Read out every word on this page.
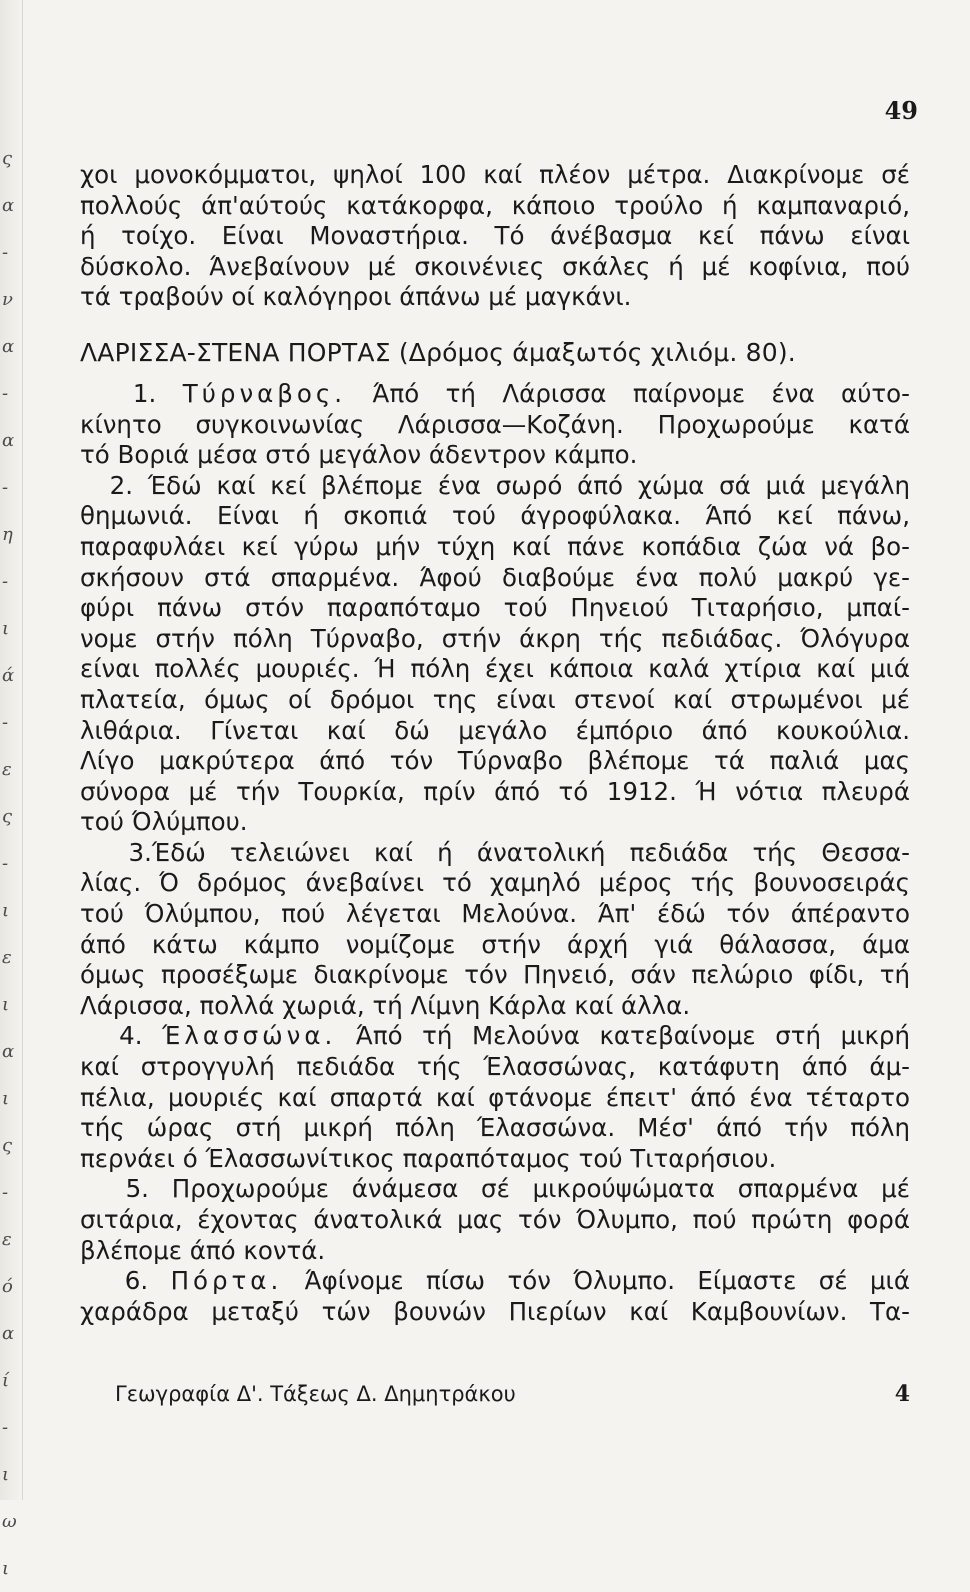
ς
α
-
ν
α
-
α
-
η
-
ι
ά
-
ε
ς
-
ι
ε
ι
α
ι
ς
-
ε
ό
α
ί
-
ι
ω
ι
49
χοι μονοκόμματοι, ψηλοί 100 καί πλέον μέτρα. Διακρίνομε σέ
πολλούς άπ'αύτούς κατάκορφα, κάποιο τρούλο ή καμπαναριό,
ή τοίχο. Είναι Μοναστήρια. Τό άνέβασμα κεί πάνω είναι
δύσκολο. Άνεβαίνουν μέ σκοινένιες σκάλες ή μέ κοφίνια, πού
τά τραβούν οί καλόγηροι άπάνω μέ μαγκάνι.
ΛΑΡΙΣΣΑ-ΣΤΕΝΑ ΠΟΡΤΑΣ (Δρόμος άμαξωτός χιλιόμ. 80).
1. Τύρναβος. Άπό τή Λάρισσα παίρνομε ένα αύτο-
κίνητο συγκοινωνίας Λάρισσα—Κοζάνη. Προχωρούμε κατά
τό Βοριά μέσα στό μεγάλον άδεντρον κάμπο.
2. Έδώ καί κεί βλέπομε ένα σωρό άπό χώμα σά μιά μεγάλη
θημωνιά. Είναι ή σκοπιά τού άγροφύλακα. Άπό κεί πάνω,
παραφυλάει κεί γύρω μήν τύχη καί πάνε κοπάδια ζώα νά βο-
σκήσουν στά σπαρμένα. Άφού διαβούμε ένα πολύ μακρύ γε-
φύρι πάνω στόν παραπόταμο τού Πηνειού Τιταρήσιο, μπαί-
νομε στήν πόλη Τύρναβο, στήν άκρη τής πεδιάδας. Όλόγυρα
είναι πολλές μουριές. Ή πόλη έχει κάποια καλά χτίρια καί μιά
πλατεία, όμως οί δρόμοι της είναι στενοί καί στρωμένοι μέ
λιθάρια. Γίνεται καί δώ μεγάλο έμπόριο άπό κουκούλια.
Λίγο μακρύτερα άπό τόν Τύρναβο βλέπομε τά παλιά μας
σύνορα μέ τήν Τουρκία, πρίν άπό τό 1912. Ή νότια πλευρά
τού Όλύμπου.
3.Έδώ τελειώνει καί ή άνατολική πεδιάδα τής Θεσσα-
λίας. Ό δρόμος άνεβαίνει τό χαμηλό μέρος τής βουνοσειράς
τού Όλύμπου, πού λέγεται Μελούνα. Άπ' έδώ τόν άπέραντο
άπό κάτω κάμπο νομίζομε στήν άρχή γιά θάλασσα, άμα
όμως προσέξωμε διακρίνομε τόν Πηνειό, σάν πελώριο φίδι, τή
Λάρισσα, πολλά χωριά, τή Λίμνη Κάρλα καί άλλα.
4. Έλασσώνα. Άπό τή Μελούνα κατεβαίνομε στή μικρή
καί στρογγυλή πεδιάδα τής Έλασσώνας, κατάφυτη άπό άμ-
πέλια, μουριές καί σπαρτά καί φτάνομε έπειτ' άπό ένα τέταρτο
τής ώρας στή μικρή πόλη Έλασσώνα. Μέσ' άπό τήν πόλη
περνάει ό Έλασσωνίτικος παραπόταμος τού Τιταρήσιου.
5. Προχωρούμε άνάμεσα σέ μικρούψώματα σπαρμένα μέ
σιτάρια, έχοντας άνατολικά μας τόν Όλυμπο, πού πρώτη φορά
βλέπομε άπό κοντά.
6. Πόρτα. Άφίνομε πίσω τόν Όλυμπο. Είμαστε σέ μιά
χαράδρα μεταξύ τών βουνών Πιερίων καί Καμβουνίων. Τα-
Γεωγραφία Δ'. Τάξεως Δ. Δημητράκου	4
